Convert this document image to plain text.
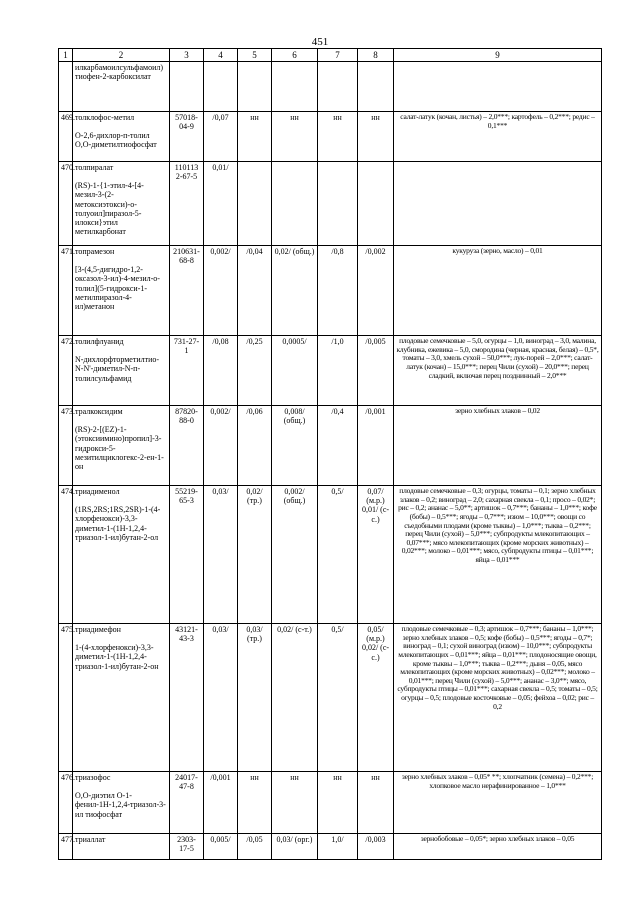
451
1	2	3	4	5	6	7	8	9

	илкарбамоилсульфамоил)
тиофен-2-карбоксилат							

469.	толклофос-метил
O-2,6-дихлор-п-толил
O,O-диметилтиофосфат	57018-04-9	/0,07	нн	нн	нн	нн	салат-латук (кочан, листья) – 2,0***; картофель – 0,2***; редис – 0,1***
470.	толпиралат
(RS)-1-{1-этил-4-[4-мезил-3-(2-метоксиэтокси)-о-толуоил]пиразол-5-илокси}этил метилкарбонат	110113 2-67-5	0,01/					
471.	топрамезон
[3-(4,5-дигидро-1,2-оксазол-3-ил)-4-мезил-о-толил](5-гидрокси-1-метилпиразол-4-ил)метанон	210631-68-8	0,002/	/0,04	0,02/ (общ.)	/0,8	/0,002	кукуруза (зерно, масло) – 0,01
472.	толилфлуанид
N-дихлорфторметилтио-N-N'-диметил-N-п-толилсульфамид	731-27-1	/0,08	/0,25	0,0005/	/1,0	/0,005	плодовые семечковые – 5,0, огурцы – 1,0, виноград – 3,0, малина, клубника, ежевика – 5,0, смородина (черная, красная, белая) – 0,5*, томаты – 3,0, хмель сухой – 50,0***; лук-порей – 2,0***; салат-латук (кочан) – 15,0***; перец Чили (сухой) – 20,0***; перец сладкий, включая перец позднинный – 2,0***
473.	тралкоксидим
(RS)-2-[(EZ)-1-(этоксиимино)пропил]-3-гидрокси-5-мезитилциклогекс-2-ен-1-он	87820-88-0	0,002/	/0,06	0,008/ (общ.)	/0,4	/0,001	зерно хлебных злаков – 0,02
474.	триадименол
(1RS,2RS;1RS,2SR)-1-(4-хлорфенокси)-3,3-диметил-1-(1H-1,2,4-триазол-1-ил)бутан-2-ол	55219-65-3	0,03/	0,02/ (тр.)	0,002/ (общ.)	0,5/	0,07/ (м.р.) 0,01/ (с-с.)	плодовые семечковые – 0,3; огурцы, томаты – 0,1; зерно хлебных злаков – 0,2; виноград – 2,0; сахарная свекла – 0,1; просо – 0,02*; рис – 0,2; ананас – 5,0**; артишок – 0,7***; бананы – 1,0***; кофе (бобы) – 0,5***; ягоды – 0,7***; изюм – 10,0***; овощи со съедобными плодами (кроме тыквы) – 1,0***; тыква – 0,2***; перец Чили (сухой) – 5,0***; субпродукты млекопитающих – 0,07***; мясо млекопитающих (кроме морских животных) – 0,02***; молоко – 0,01***; мясо, субпродукты птицы – 0,01***; яйца – 0,01***
475.	триадимефон
1-(4-хлорфенокси)-3,3-диметил-1-(1H-1,2,4-триазол-1-ил)бутан-2-он	43121-43-3	0,03/	0,03/ (тр.)	0,02/ (с-т.)	0,5/	0,05/ (м.р.) 0,02/ (с-с.)	плодовые семечковые – 0,3; артишок – 0,7***; бананы – 1,0***; зерно хлебных злаков – 0,5; кофе (бобы) – 0,5***; ягоды – 0,7*; виноград – 0,1; сухой виноград (изюм) – 10,0***; субпродукты млекопитающих – 0,01***; яйца – 0,01***; плодоносящие овощи, кроме тыквы – 1,0***; тыква – 0,2***; дыня – 0,05, мясо млекопитающих (кроме морских животных) – 0,02***; молоко – 0,01***; перец Чили (сухой) – 5,0***; ананас – 3,0**; мясо, субпродукты птицы – 0,01***; сахарная свекла – 0,5; томаты – 0,5; огурцы – 0,5; плодовые косточковые – 0,05; фейхоа – 0,02; рис – 0,2
476.	триазофос
O,O-диэтил O-1-фенил-1H-1,2,4-триазол-3-ил тиофосфат	24017-47-8	/0,001	нн	нн	нн	нн	зерно хлебных злаков – 0,05* **; хлопчатник (семена) – 0,2***; хлопковое масло нерафинированное – 1,0***
477.	триаллат	2303-17-5	0,005/	/0,05	0,03/ (орг.)	1,0/	/0,003	зернобобовые – 0,05*; зерно хлебных злаков – 0,05
